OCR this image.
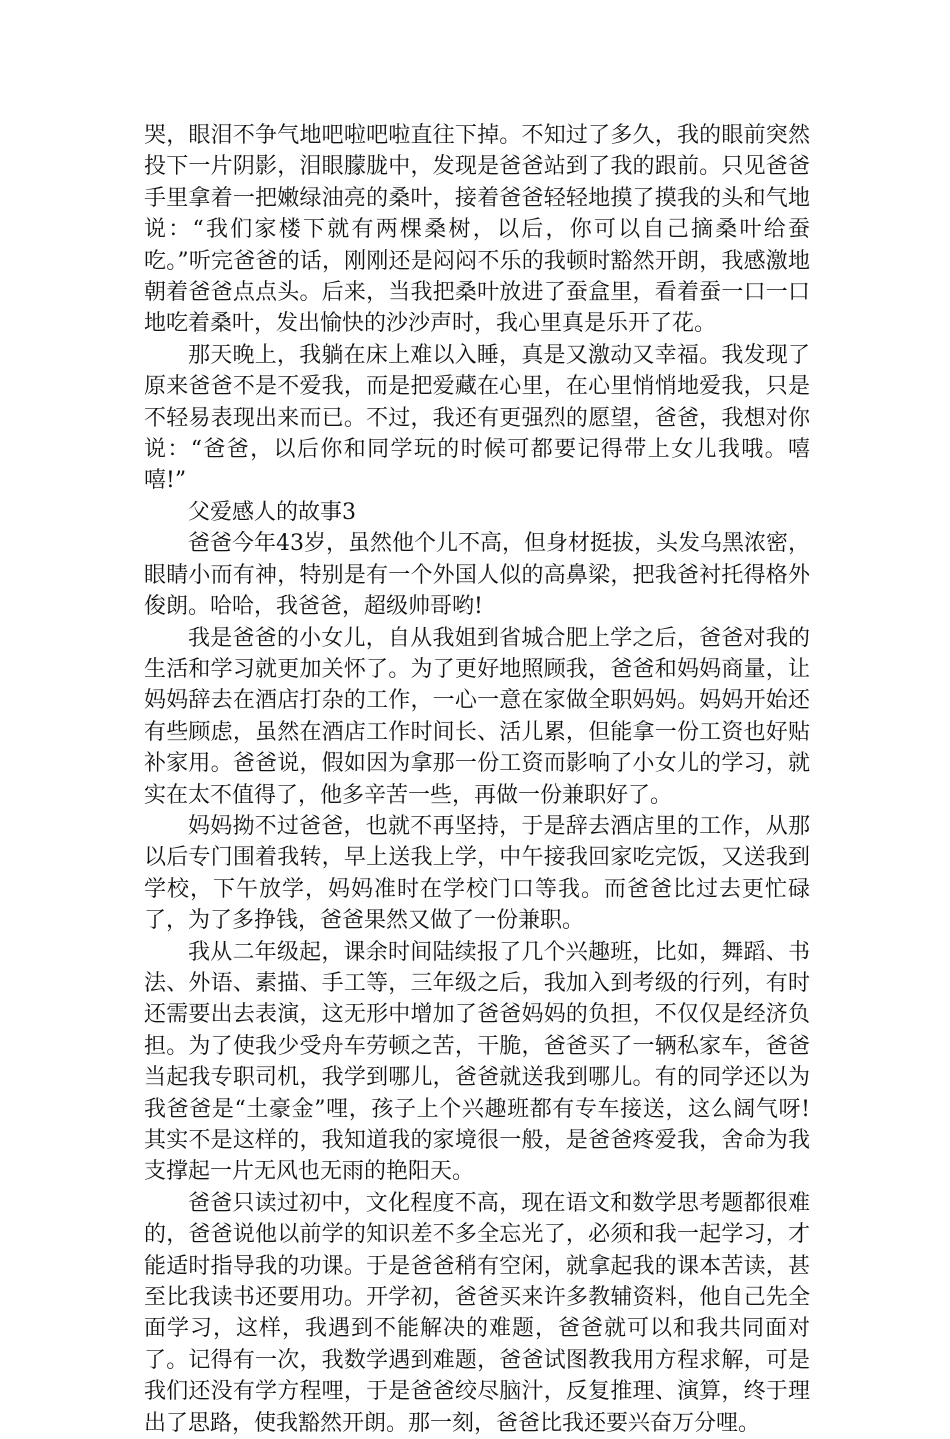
哭，眼泪不争气地吧啦吧啦直往下掉。不知过了多久，我的眼前突然投下一片阴影，泪眼朦胧中，发现是爸爸站到了我的跟前。只见爸爸手里拿着一把嫩绿油亮的桑叶，接着爸爸轻轻地摸了摸我的头和气地说：“我们家楼下就有两棵桑树，以后，你可以自己摘桑叶给蚕吃。”听完爸爸的话，刚刚还是闷闷不乐的我顿时豁然开朗，我感激地朝着爸爸点点头。后来，当我把桑叶放进了蚕盒里，看着蚕一口一口地吃着桑叶，发出愉快的沙沙声时，我心里真是乐开了花。

那天晚上，我躺在床上难以入睡，真是又激动又幸福。我发现了原来爸爸不是不爱我，而是把爱藏在心里，在心里悄悄地爱我，只是不轻易表现出来而已。不过，我还有更强烈的愿望，爸爸，我想对你说：“爸爸，以后你和同学玩的时候可都要记得带上女儿我哦。嘻嘻!”

父爱感人的故事3

爸爸今年43岁，虽然他个儿不高，但身材挺拔，头发乌黑浓密，眼睛小而有神，特别是有一个外国人似的高鼻梁，把我爸衬托得格外俊朗。哈哈，我爸爸，超级帅哥哟!

我是爸爸的小女儿，自从我姐到省城合肥上学之后，爸爸对我的生活和学习就更加关怀了。为了更好地照顾我，爸爸和妈妈商量，让妈妈辞去在酒店打杂的工作，一心一意在家做全职妈妈。妈妈开始还有些顾虑，虽然在酒店工作时间长、活儿累，但能拿一份工资也好贴补家用。爸爸说，假如因为拿那一份工资而影响了小女儿的学习，就实在太不值得了，他多辛苦一些，再做一份兼职好了。

妈妈拗不过爸爸，也就不再坚持，于是辞去酒店里的工作，从那以后专门围着我转，早上送我上学，中午接我回家吃完饭，又送我到学校，下午放学，妈妈准时在学校门口等我。而爸爸比过去更忙碌了，为了多挣钱，爸爸果然又做了一份兼职。

我从二年级起，课余时间陆续报了几个兴趣班，比如，舞蹈、书法、外语、素描、手工等，三年级之后，我加入到考级的行列，有时还需要出去表演，这无形中增加了爸爸妈妈的负担，不仅仅是经济负担。为了使我少受舟车劳顿之苦，干脆，爸爸买了一辆私家车，爸爸当起我专职司机，我学到哪儿，爸爸就送我到哪儿。有的同学还以为我爸爸是“土豪金”哩，孩子上个兴趣班都有专车接送，这么阔气呀!其实不是这样的，我知道我的家境很一般，是爸爸疼爱我，舍命为我支撑起一片无风也无雨的艳阳天。

爸爸只读过初中，文化程度不高，现在语文和数学思考题都很难的，爸爸说他以前学的知识差不多全忘光了，必须和我一起学习，才能适时指导我的功课。于是爸爸稍有空闲，就拿起我的课本苦读，甚至比我读书还要用功。开学初，爸爸买来许多教辅资料，他自己先全面学习，这样，我遇到不能解决的难题，爸爸就可以和我共同面对了。记得有一次，我数学遇到难题，爸爸试图教我用方程求解，可是我们还没有学方程哩，于是爸爸绞尽脑汁，反复推理、演算，终于理出了思路，使我豁然开朗。那一刻，爸爸比我还要兴奋万分哩。
